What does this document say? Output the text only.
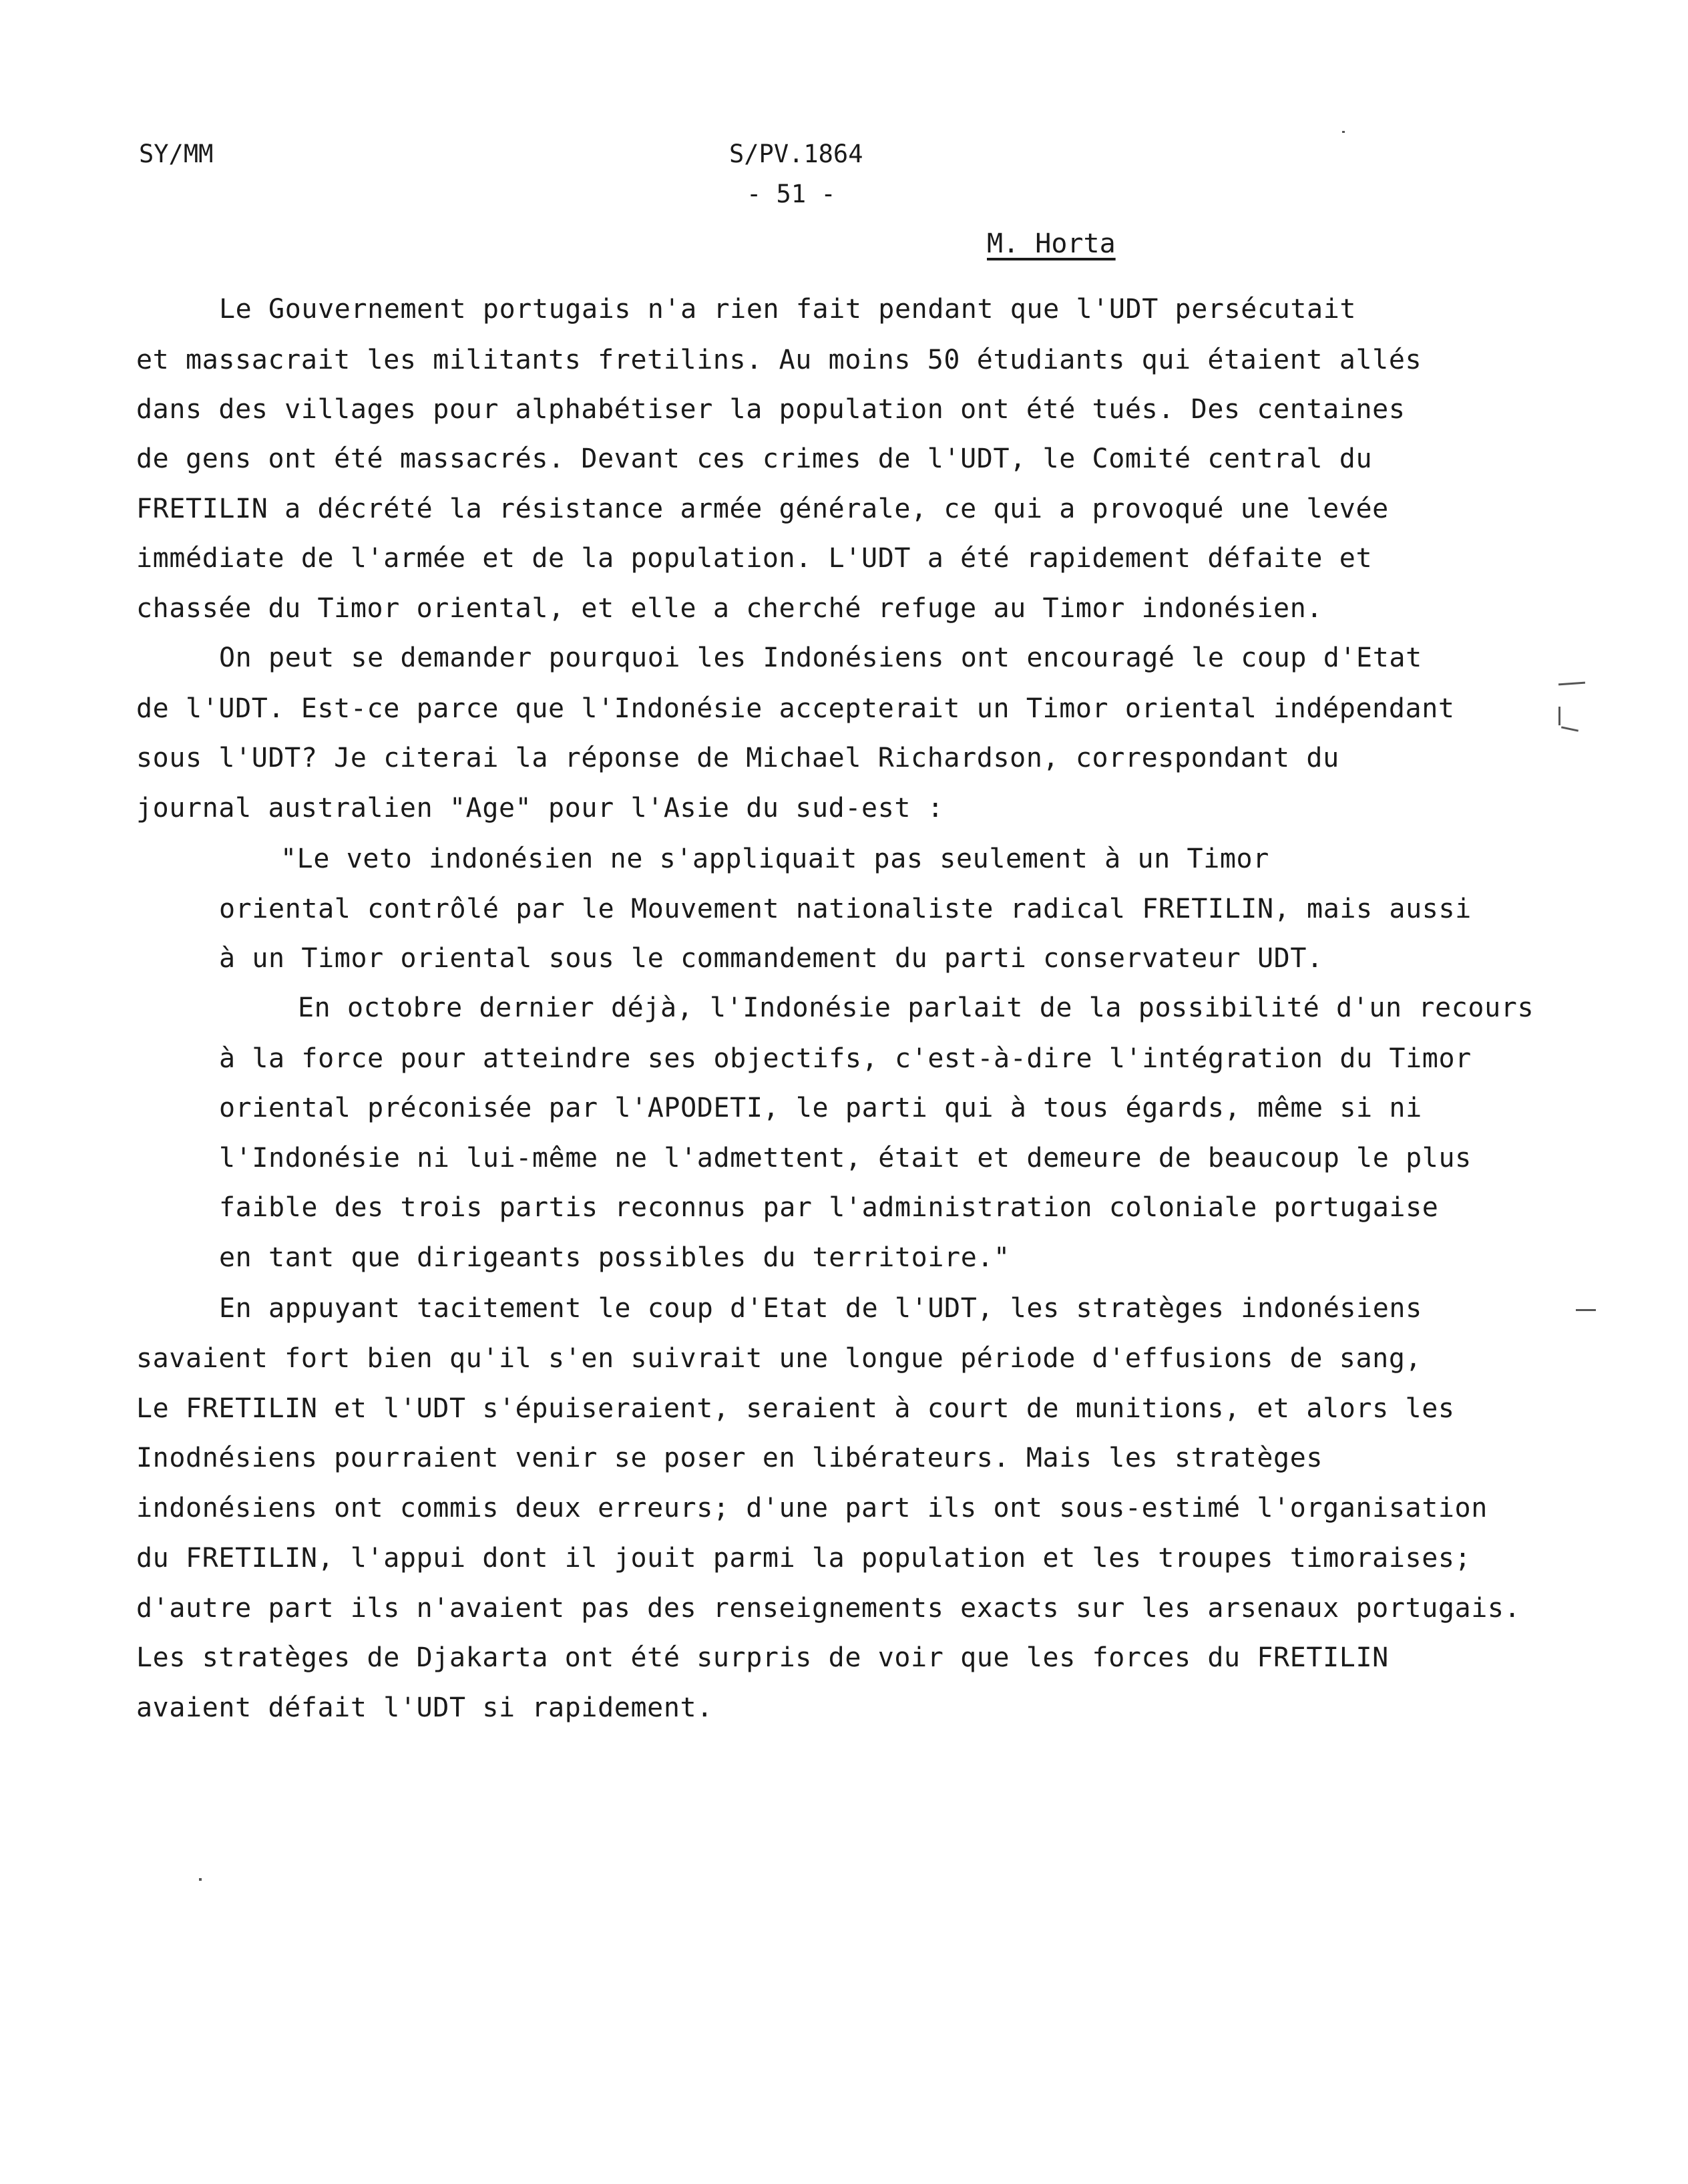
SY/MM	S/PV.1864
- 51 -
M. Horta
Le Gouvernement portugais n'a rien fait pendant que l'UDT persécutait
et massacrait les militants fretilins. Au moins 50 étudiants qui étaient allés
dans des villages pour alphabétiser la population ont été tués. Des centaines
de gens ont été massacrés. Devant ces crimes de l'UDT, le Comité central du
FRETILIN a décrété la résistance armée générale, ce qui a provoqué une levée
immédiate de l'armée et de la population. L'UDT a été rapidement défaite et
chassée du Timor oriental, et elle a cherché refuge au Timor indonésien.
On peut se demander pourquoi les Indonésiens ont encouragé le coup d'Etat
de l'UDT. Est-ce parce que l'Indonésie accepterait un Timor oriental indépendant
sous l'UDT? Je citerai la réponse de Michael Richardson, correspondant du
journal australien "Age" pour l'Asie du sud-est :
"Le veto indonésien ne s'appliquait pas seulement à un Timor
oriental contrôlé par le Mouvement nationaliste radical FRETILIN, mais aussi
à un Timor oriental sous le commandement du parti conservateur UDT.
En octobre dernier déjà, l'Indonésie parlait de la possibilité d'un recours
à la force pour atteindre ses objectifs, c'est-à-dire l'intégration du Timor
oriental préconisée par l'APODETI, le parti qui à tous égards, même si ni
l'Indonésie ni lui-même ne l'admettent, était et demeure de beaucoup le plus
faible des trois partis reconnus par l'administration coloniale portugaise
en tant que dirigeants possibles du territoire."
En appuyant tacitement le coup d'Etat de l'UDT, les stratèges indonésiens
savaient fort bien qu'il s'en suivrait une longue période d'effusions de sang,
Le FRETILIN et l'UDT s'épuiseraient, seraient à court de munitions, et alors les
Inodnésiens pourraient venir se poser en libérateurs. Mais les stratèges
indonésiens ont commis deux erreurs; d'une part ils ont sous-estimé l'organisation
du FRETILIN, l'appui dont il jouit parmi la population et les troupes timoraises;
d'autre part ils n'avaient pas des renseignements exacts sur les arsenaux portugais.
Les stratèges de Djakarta ont été surpris de voir que les forces du FRETILIN
avaient défait l'UDT si rapidement.
